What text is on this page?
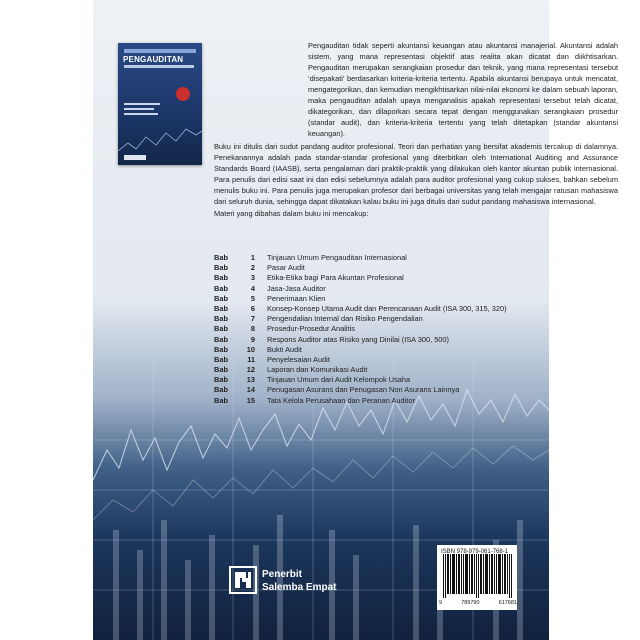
PENGAUDITAN

Pengauditan tidak seperti akuntansi keuangan atau akuntansi manajerial. Akuntansi adalah sistem, yang mana representasi objektif atas realita akan dicatat dan diikhtisarkan. Pengauditan merupakan serangkaian prosedur dan teknik, yang mana representasi tersebut ‘disepakati’ berdasarkan kriteria-kriteria tertentu. Apabila akuntansi berupaya untuk mencatat, mengategorikan, dan kemudian mengikhtisarkan nilai-nilai ekonomi ke dalam sebuah laporan, maka pengauditan adalah upaya menganalisis apakah representasi tersebut telah dicatat, dikategorikan, dan dilaporkan secara tepat dengan menggunakan serangkaian prosedur (standar audit), dan kriteria-kriteria tertentu yang telah ditetapkan (standar akuntansi keuangan).

Buku ini ditulis dari sudut pandang auditor profesional. Teori dan perhatian yang bersifat akademis tercakup di dalamnya. Penekanannya adalah pada standar-standar profesional yang diterbitkan oleh International Auditing and Assurance Standards Board (IAASB), serta pengalaman dari praktik-praktik yang dilakukan oleh kantor akuntan publik internasional. Para penulis dari edisi saat ini dan edisi sebelumnya adalah para auditor profesional yang cukup sukses, bahkan sebelum menulis buku ini. Para penulis juga merupakan profesor dari berbagai universitas yang telah mengajar ratusan mahasiswa dari seluruh dunia, sehingga dapat dikatakan kalau buku ini juga ditulis dari sudut pandang mahasiswa internasional.

Materi yang dibahas dalam buku ini mencakup:

Bab	1 Tinjauan Umum Pengauditan Internasional
Bab	2 Pasar Audit
Bab	3 Etika-Etika bagi Para Akuntan Profesional
Bab	4 Jasa-Jasa Auditor
Bab	5 Penerimaan Klien
Bab	6 Konsep-Konsep Utama Audit dan Perencanaan Audit (ISA 300, 315, 320)
Bab	7 Pengendalian Internal dan Risiko Pengendalian
Bab	8 Prosedur-Prosedur Analitis
Bab	9 Respons Auditor atas Risiko yang Dinilai (ISA 300, 500)
Bab	10 Bukti Audit
Bab	11 Penyelesaian Audit
Bab	12 Laporan dan Komunikasi Audit
Bab	13 Tinjauan Umum dari Audit Kelompok Usaha
Bab	14 Penugasan Asurans dan Penugasan Non Asurans Lainnya
Bab	15 Tata Kelola Perusahaan dan Peranan Auditor
Penerbit
Salemba Empat
9	789790	617681
ISBN 978-979-061-768-1
